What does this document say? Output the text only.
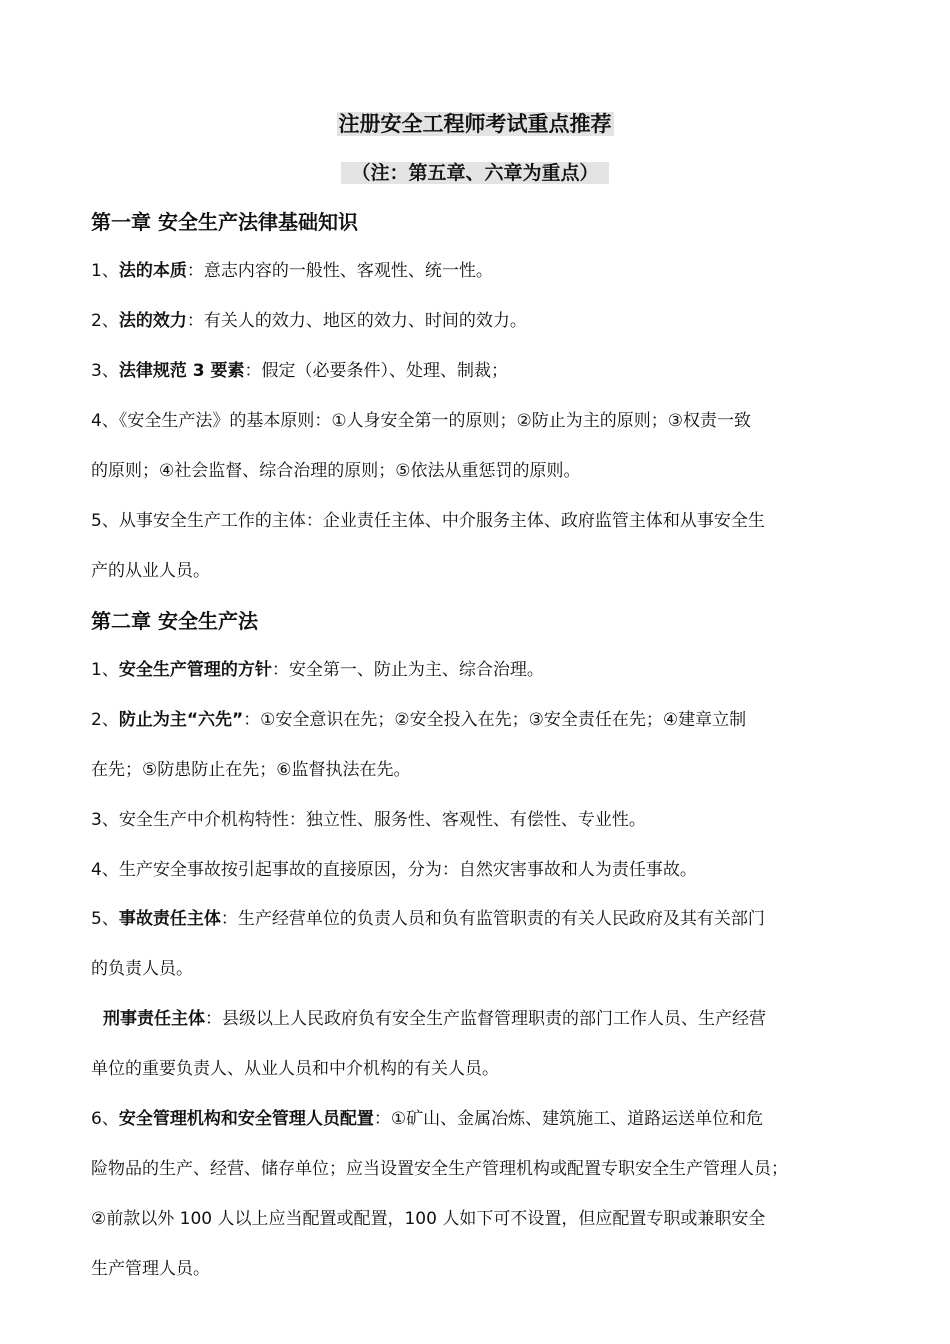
注册安全工程师考试重点推荐
（注：第五章、六章为重点）
第一章 安全生产法律基础知识
1、法的本质：意志内容的一般性、客观性、统一性。
2、法的效力：有关人的效力、地区的效力、时间的效力。
3、法律规范 3 要素：假定（必要条件）、处理、制裁；
4、《安全生产法》的基本原则：①人身安全第一的原则；②防止为主的原则；③权责一致
的原则；④社会监督、综合治理的原则；⑤依法从重惩罚的原则。
5、从事安全生产工作的主体：企业责任主体、中介服务主体、政府监管主体和从事安全生
产的从业人员。
第二章 安全生产法
1、安全生产管理的方针：安全第一、防止为主、综合治理。
2、防止为主“六先”：①安全意识在先；②安全投入在先；③安全责任在先；④建章立制
在先；⑤防患防止在先；⑥监督执法在先。
3、安全生产中介机构特性：独立性、服务性、客观性、有偿性、专业性。
4、生产安全事故按引起事故的直接原因，分为：自然灾害事故和人为责任事故。
5、事故责任主体：生产经营单位的负责人员和负有监管职责的有关人民政府及其有关部门
的负责人员。
刑事责任主体：县级以上人民政府负有安全生产监督管理职责的部门工作人员、生产经营
单位的重要负责人、从业人员和中介机构的有关人员。
6、安全管理机构和安全管理人员配置：①矿山、金属冶炼、建筑施工、道路运送单位和危
险物品的生产、经营、储存单位；应当设置安全生产管理机构或配置专职安全生产管理人员；
②前款以外 100 人以上应当配置或配置，100 人如下可不设置，但应配置专职或兼职安全
生产管理人员。
